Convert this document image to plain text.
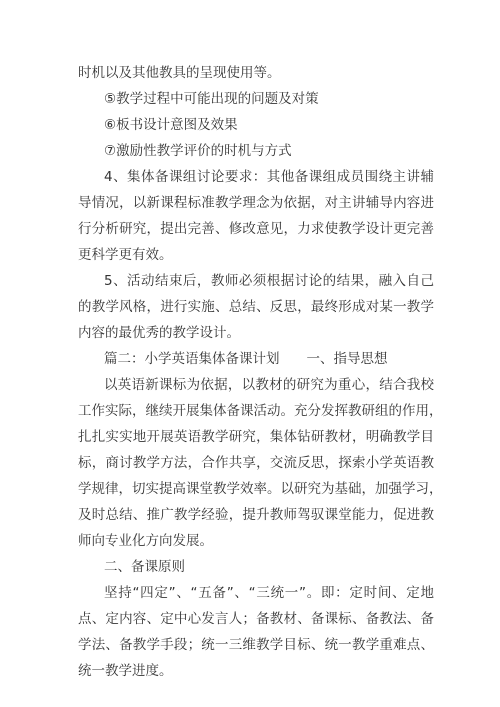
时机以及其他教具的呈现使用等。
⑤教学过程中可能出现的问题及对策
⑥板书设计意图及效果
⑦激励性教学评价的时机与方式
4、集体备课组讨论要求：其他备课组成员围绕主讲辅
导情况，以新课程标准教学理念为依据，对主讲辅导内容进
行分析研究，提出完善、修改意见，力求使教学设计更完善
更科学更有效。
5、活动结束后，教师必须根据讨论的结果，融入自己
的教学风格，进行实施、总结、反思，最终形成对某一教学
内容的最优秀的教学设计。
篇二：小学英语集体备课计划　　一、指导思想
以英语新课标为依据，以教材的研究为重心，结合我校
工作实际，继续开展集体备课活动。充分发挥教研组的作用，
扎扎实实地开展英语教学研究，集体钻研教材，明确教学目
标，商讨教学方法，合作共享，交流反思，探索小学英语教
学规律，切实提高课堂教学效率。以研究为基础，加强学习，
及时总结、推广教学经验，提升教师驾驭课堂能力，促进教
师向专业化方向发展。
二、备课原则
坚持“四定”、“五备”、“三统一”。即：定时间、定地
点、定内容、定中心发言人；备教材、备课标、备教法、备
学法、备教学手段；统一三维教学目标、统一教学重难点、
统一教学进度。
